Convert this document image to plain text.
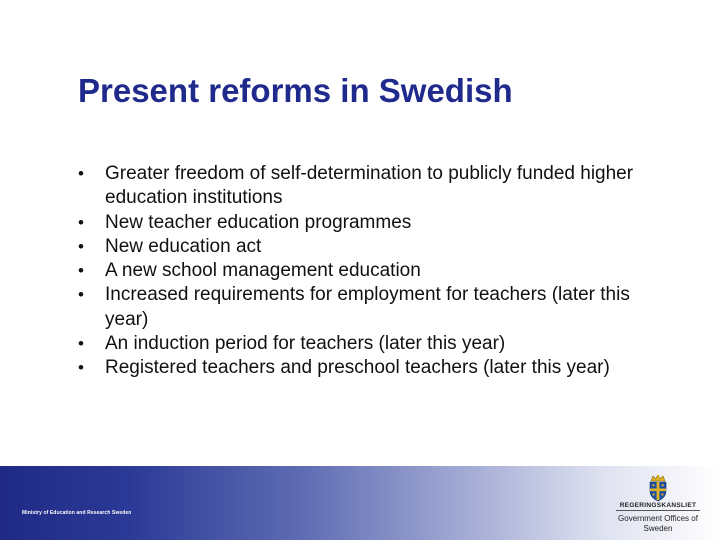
Present reforms in Swedish
•	Greater freedom of self-determination to publicly funded higher education institutions
•	New teacher education programmes
•	New education act
•	A new school management education
•	Increased requirements for employment for teachers (later this year)
•	An induction period for teachers (later this year)
•	Registered teachers and preschool teachers (later this year)
Ministry of Education and Research Sweden
REGERINGSKANSLIET
Government Offices of Sweden
